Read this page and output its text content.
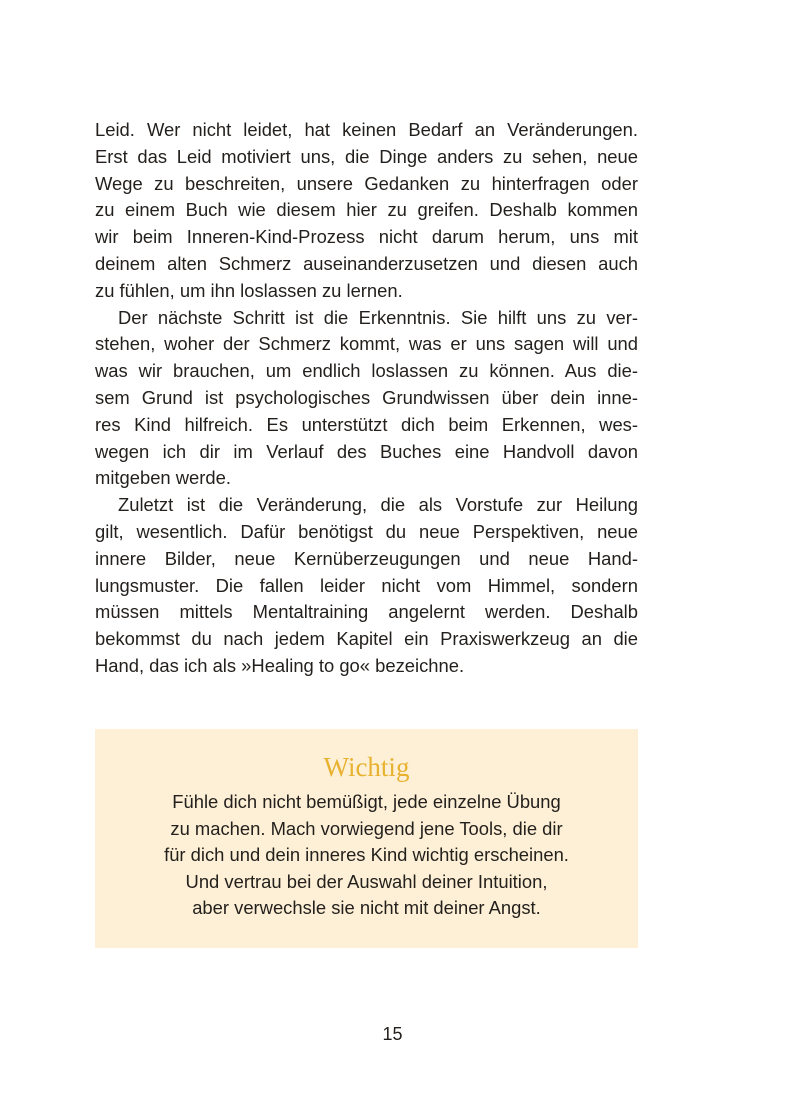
Leid. Wer nicht leidet, hat keinen Bedarf an Veränderungen.
Erst das Leid motiviert uns, die Dinge anders zu sehen, neue
Wege zu beschreiten, unsere Gedanken zu hinterfragen oder
zu einem Buch wie diesem hier zu greifen. Deshalb kommen
wir beim Inneren-Kind-Prozess nicht darum herum, uns mit
deinem alten Schmerz auseinanderzusetzen und diesen auch
zu fühlen, um ihn loslassen zu lernen.
Der nächste Schritt ist die Erkenntnis. Sie hilft uns zu ver-
stehen, woher der Schmerz kommt, was er uns sagen will und
was wir brauchen, um endlich loslassen zu können. Aus die-
sem Grund ist psychologisches Grundwissen über dein inne-
res Kind hilfreich. Es unterstützt dich beim Erkennen, wes-
wegen ich dir im Verlauf des Buches eine Handvoll davon
mitgeben werde.
Zuletzt ist die Veränderung, die als Vorstufe zur Heilung
gilt, wesentlich. Dafür benötigst du neue Perspektiven, neue
innere Bilder, neue Kernüberzeugungen und neue Hand-
lungsmuster. Die fallen leider nicht vom Himmel, sondern
müssen mittels Mentaltraining angelernt werden. Deshalb
bekommst du nach jedem Kapitel ein Praxiswerkzeug an die
Hand, das ich als »Healing to go« bezeichne.
Wichtig
Fühle dich nicht bemüßigt, jede einzelne Übung
zu machen. Mach vorwiegend jene Tools, die dir
für dich und dein inneres Kind wichtig erscheinen.
Und vertrau bei der Auswahl deiner Intuition,
aber verwechsle sie nicht mit deiner Angst.
15
